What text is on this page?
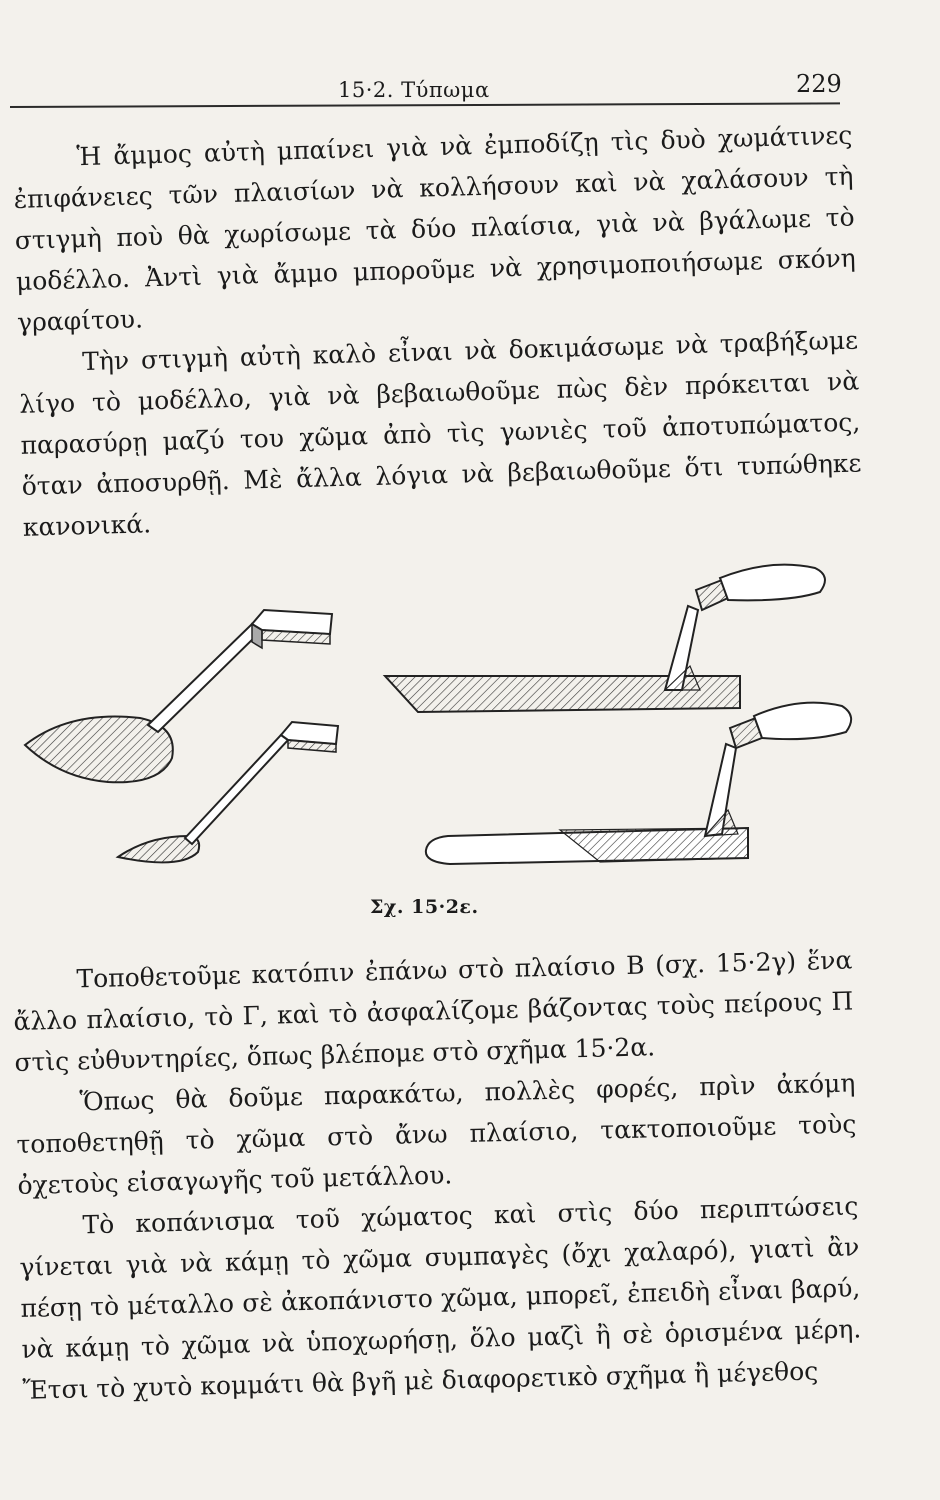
15·2. Τύπωμα	229

Ἡ ἄμμος αὐτὴ μπαίνει γιὰ νὰ ἐμποδίζῃ τὶς δυὸ χωμάτινες ἐπιφάνειες τῶν πλαισίων νὰ κολλήσουν καὶ νὰ χαλάσουν τὴ στιγμὴ ποὺ θὰ χωρίσωμε τὰ δύο πλαίσια, γιὰ νὰ βγάλωμε τὸ μοδέλλο. Ἀντὶ γιὰ ἄμμο μποροῦμε νὰ χρησιμοποιήσωμε σκόνη γραφίτου.

Τὴν στιγμὴ αὐτὴ καλὸ εἶναι νὰ δοκιμάσωμε νὰ τραβήξωμε λίγο τὸ μοδέλλο, γιὰ νὰ βεβαιωθοῦμε πὼς δὲν πρόκειται νὰ παρασύρῃ μαζύ του χῶμα ἀπὸ τὶς γωνιὲς τοῦ ἀποτυπώματος, ὅταν ἀποσυρθῇ. Μὲ ἄλλα λόγια νὰ βεβαιωθοῦμε ὅτι τυπώθηκε κανονικά.

Σχ. 15·2ε.

Τοποθετοῦμε κατόπιν ἐπάνω στὸ πλαίσιο Β (σχ. 15·2γ) ἕνα ἄλλο πλαίσιο, τὸ Γ, καὶ τὸ ἀσφαλίζομε βάζοντας τοὺς πείρους Π στὶς εὐθυντηρίες, ὅπως βλέπομε στὸ σχῆμα 15·2α.

Ὅπως θὰ δοῦμε παρακάτω, πολλὲς φορές, πρὶν ἀκόμη τοποθετηθῇ τὸ χῶμα στὸ ἄνω πλαίσιο, τακτοποιοῦμε τοὺς ὀχετοὺς εἰσαγωγῆς τοῦ μετάλλου.

Τὸ κοπάνισμα τοῦ χώματος καὶ στὶς δύο περιπτώσεις γίνεται γιὰ νὰ κάμῃ τὸ χῶμα συμπαγὲς (ὄχι χαλαρό), γιατὶ ἂν πέσῃ τὸ μέταλλο σὲ ἀκοπάνιστο χῶμα, μπορεῖ, ἐπειδὴ εἶναι βαρύ, νὰ κάμῃ τὸ χῶμα νὰ ὑποχωρήσῃ, ὅλο μαζὶ ἢ σὲ ὁρισμένα μέρη. Ἔτσι τὸ χυτὸ κομμάτι θὰ βγῆ μὲ διαφορετικὸ σχῆμα ἢ μέγεθος
